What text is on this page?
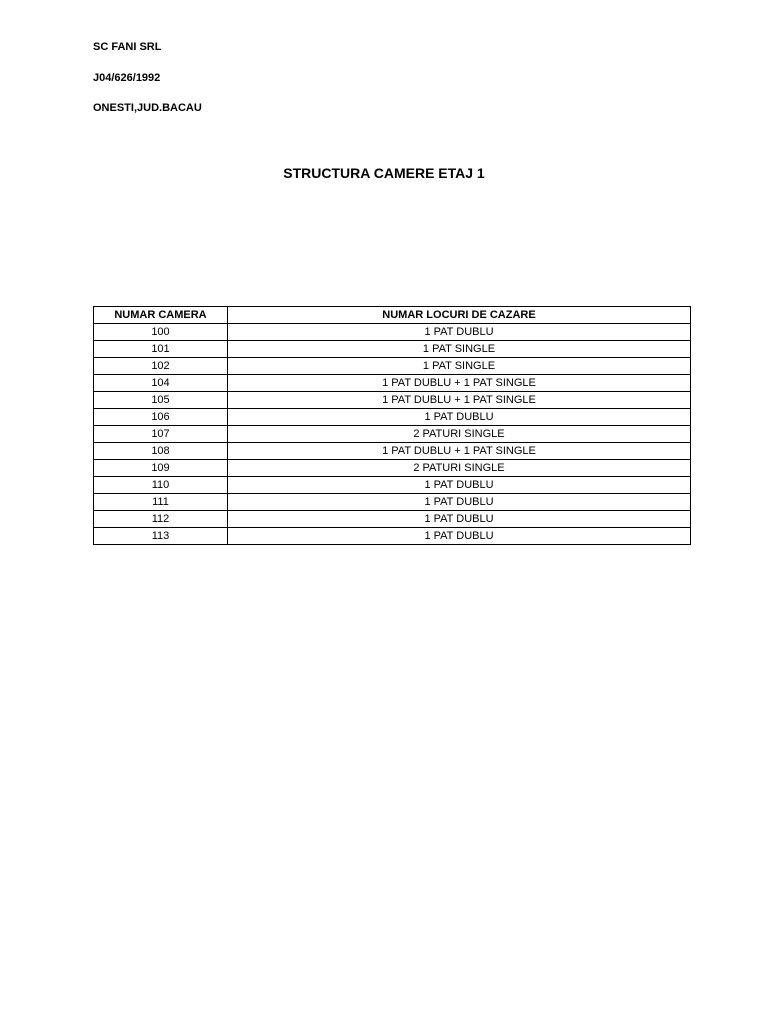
SC FANI SRL
J04/626/1992
ONESTI,JUD.BACAU
STRUCTURA CAMERE ETAJ 1
NUMAR CAMERA	NUMAR LOCURI DE CAZARE
100	1 PAT DUBLU
101	1 PAT SINGLE
102	1 PAT SINGLE
104	1 PAT DUBLU + 1 PAT SINGLE
105	1 PAT DUBLU + 1 PAT SINGLE
106	1 PAT DUBLU
107	2 PATURI SINGLE
108	1 PAT DUBLU + 1 PAT SINGLE
109	2 PATURI SINGLE
110	1 PAT DUBLU
111	1 PAT DUBLU
112	1 PAT DUBLU
113	1 PAT DUBLU
